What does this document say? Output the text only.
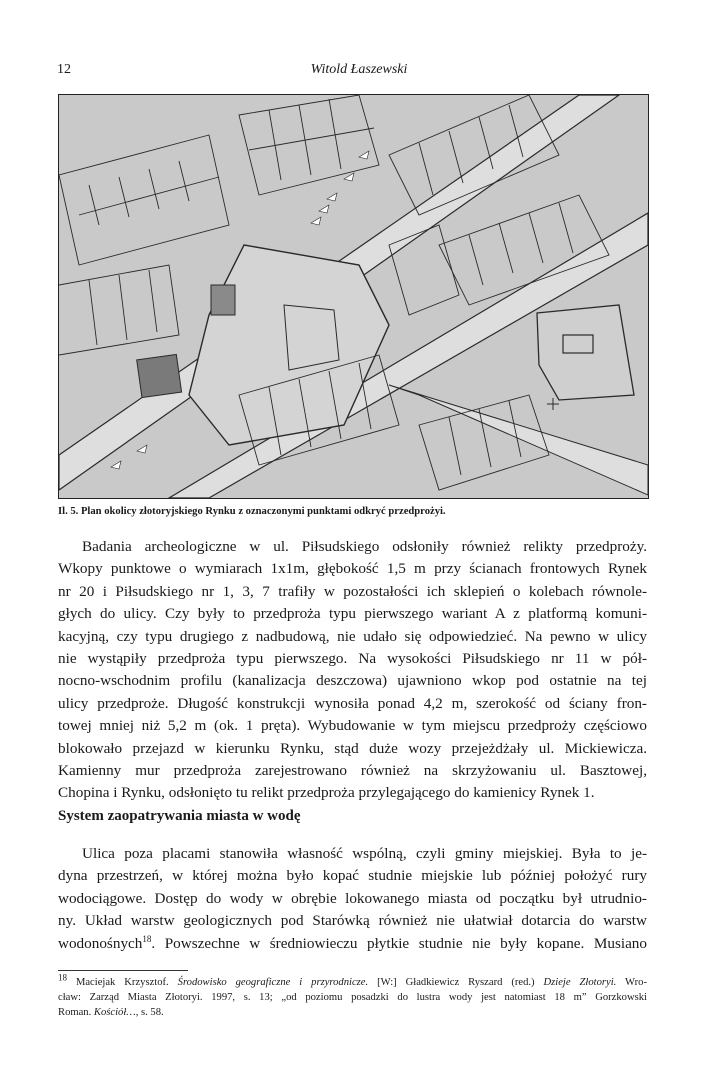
12	Witold Łaszewski
Il. 5. Plan okolicy złotoryjskiego Rynku z oznaczonymi punktami odkryć przedprożyi.
Badania archeologiczne w ul. Piłsudskiego odsłoniły również relikty przedproży.
Wkopy punktowe o wymiarach 1x1m, głębokość 1,5 m przy ścianach frontowych Rynek
nr 20 i Piłsudskiego nr 1, 3, 7 trafiły w pozostałości ich sklepień o kolebach równole-
głych do ulicy. Czy były to przedproża typu pierwszego wariant A z platformą komuni-
kacyjną, czy typu drugiego z nadbudową, nie udało się odpowiedzieć. Na pewno w ulicy
nie wystąpiły przedproża typu pierwszego. Na wysokości Piłsudskiego nr 11 w pół-
nocno-wschodnim profilu (kanalizacja deszczowa) ujawniono wkop pod ostatnie na tej
ulicy przedproże. Długość konstrukcji wynosiła ponad 4,2 m, szerokość od ściany fron-
towej mniej niż 5,2 m (ok. 1 pręta). Wybudowanie w tym miejscu przedproży częściowo
blokowało przejazd w kierunku Rynku, stąd duże wozy przejeżdżały ul. Mickiewicza.
Kamienny mur przedproża zarejestrowano również na skrzyżowaniu ul. Basztowej,
Chopina i Rynku, odsłonięto tu relikt przedproża przylegającego do kamienicy Rynek 1.
System zaopatrywania miasta w wodę
Ulica poza placami stanowiła własność wspólną, czyli gminy miejskiej. Była to je-
dyna przestrzeń, w której można było kopać studnie miejskie lub później położyć rury
wodociągowe. Dostęp do wody w obrębie lokowanego miasta od początku był utrudnio-
ny. Układ warstw geologicznych pod Starówką również nie ułatwiał dotarcia do warstw
wodonośnych$^{18}$. Powszechne w średniowieczu płytkie studnie nie były kopane. Musiano
$^{18}$ Maciejak Krzysztof. Środowisko geograficzne i przyrodnicze. [W:] Gładkiewicz Ryszard (red.) Dzieje Złotoryi. Wro-
cław: Zarząd Miasta Złotoryi. 1997, s. 13; „od poziomu posadzki do lustra wody jest natomiast 18 m” Gorzkowski
Roman. Kościół…, s. 58.
